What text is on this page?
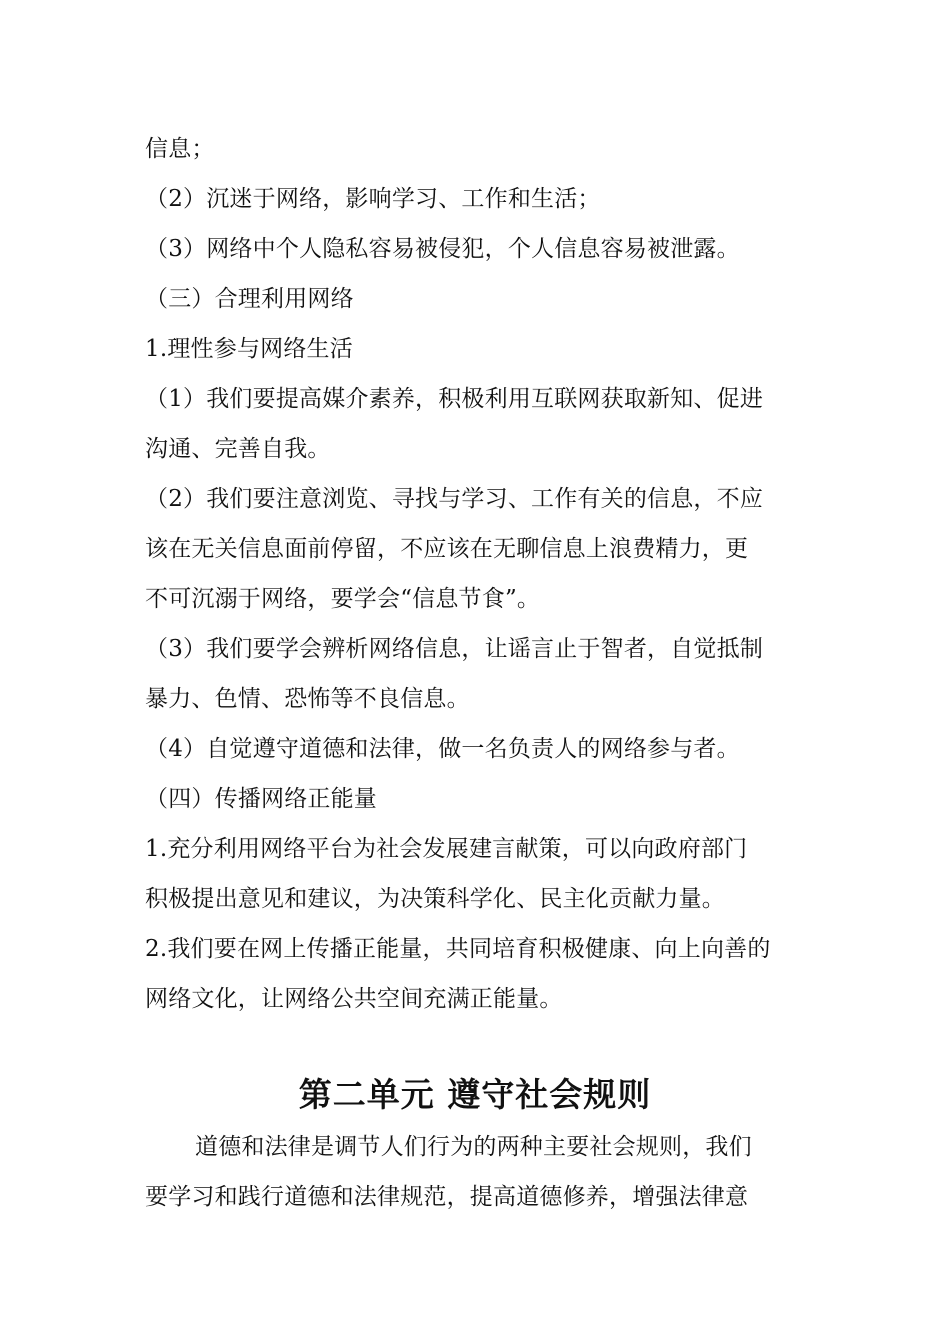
信息；
（2）沉迷于网络，影响学习、工作和生活；
（3）网络中个人隐私容易被侵犯，个人信息容易被泄露。
（三）合理利用网络
1.理性参与网络生活
（1）我们要提高媒介素养，积极利用互联网获取新知、促进
沟通、完善自我。
（2）我们要注意浏览、寻找与学习、工作有关的信息，不应
该在无关信息面前停留，不应该在无聊信息上浪费精力，更
不可沉溺于网络，要学会“信息节食”。
（3）我们要学会辨析网络信息，让谣言止于智者，自觉抵制
暴力、色情、恐怖等不良信息。
（4）自觉遵守道德和法律，做一名负责人的网络参与者。
（四）传播网络正能量
1.充分利用网络平台为社会发展建言献策，可以向政府部门
积极提出意见和建议，为决策科学化、民主化贡献力量。
2.我们要在网上传播正能量，共同培育积极健康、向上向善的
网络文化，让网络公共空间充满正能量。
第二单元 遵守社会规则
道德和法律是调节人们行为的两种主要社会规则，我们
要学习和践行道德和法律规范，提高道德修养，增强法律意
